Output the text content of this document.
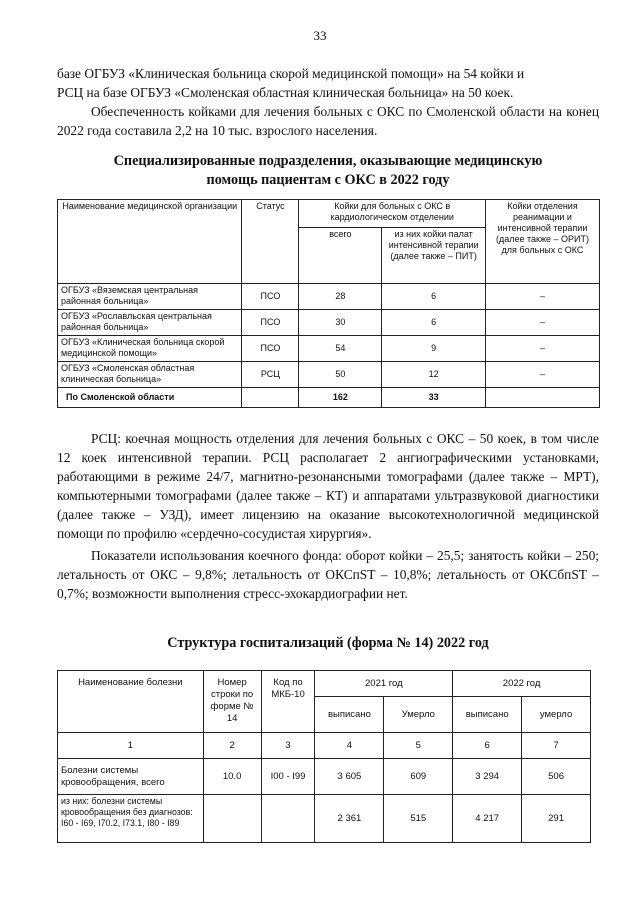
33

базе ОГБУЗ «Клиническая больница скорой медицинской помощи» на 54 койки и

РСЦ на базе ОГБУЗ «Смоленская областная клиническая больница» на 50 коек.

Обеспеченность койками для лечения больных с ОКС по Смоленской области на конец 2022 года составила 2,2 на 10 тыс. взрослого населения.

Специализированные подразделения, оказывающие медицинскую
помощь пациентам с ОКС в 2022 году
Наименование медицинской организации	Статус	Койки для больных с ОКС в кардиологическом отделении		Койки отделения реанимации и интенсивной терапии (далее также – ОРИТ) для больных с ОКС
		всего	из них койки палат интенсивной терапии (далее также – ПИТ)	
ОГБУЗ «Вяземская центральная районная больница»	ПСО	28	6	–
ОГБУЗ «Рославльская центральная районная больница»	ПСО	30	6	–
ОГБУЗ «Клиническая больница скорой медицинской помощи»	ПСО	54	9	–
ОГБУЗ «Смоленская областная клиническая больница»	РСЦ	50	12	–
По Смоленской области		162	33	

РСЦ: коечная мощность отделения для лечения больных с ОКС – 50 коек, в том числе 12 коек интенсивной терапии. РСЦ располагает 2 ангиографическими установками, работающими в режиме 24/7, магнитно-резонансными томографами (далее также – МРТ), компьютерными томографами (далее также – КТ) и аппаратами ультразвуковой диагностики (далее также – УЗД), имеет лицензию на оказание высокотехнологичной медицинской помощи по профилю «сердечно-сосудистая хирургия».

Показатели использования коечного фонда: оборот койки – 25,5; занятость койки – 250; летальность от ОКС – 9,8%; летальность от ОКСпST – 10,8%; летальность от ОКСбпST – 0,7%; возможности выполнения стресс-эхокардиографии нет.

Структура госпитализаций (форма № 14) 2022 год
Наименование болезни	Номер строки по форме № 14	Код по МКБ-10	2021 год		2022 год	
			выписано	Умерло	выписано	умерло
1	2	3	4	5	6	7
Болезни системы кровообращения, всего	10.0	I00 - I99	3 605	609	3 294	506
из них: болезни системы кровообращения без диагнозов: I60 - I69, I70.2, I73.1, I80 - I89			2 361	515	4 217	291
